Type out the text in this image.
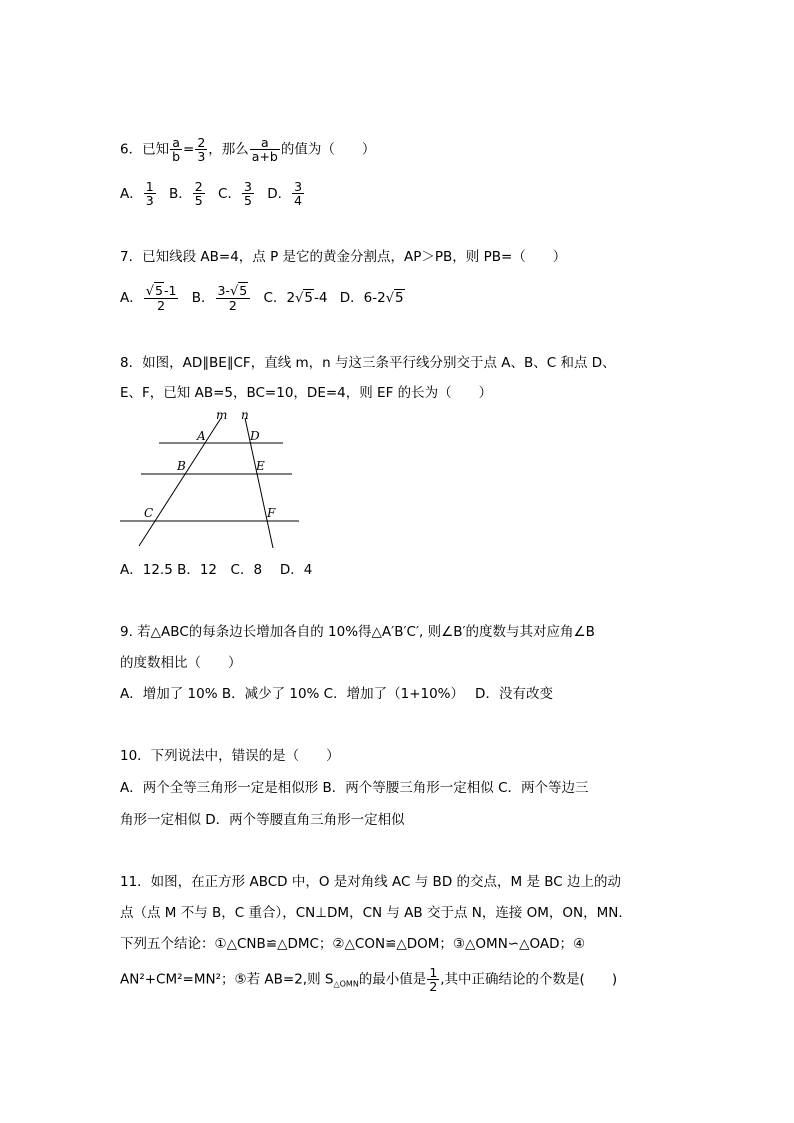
6．已知 $\frac{a}{b} = \frac{2}{3}$ ，那么 $\frac{a}{a+b}$ 的值为（　　）
A． $\frac{1}{3}$ B． $\frac{2}{5}$ C． $\frac{3}{5}$ D． $\frac{3}{4}$
7．已知线段 AB=4，点 P 是它的黄金分割点，AP＞PB，则 PB=（　　）
A． $\frac{√5-1}{2}$ B． $\frac{3-√5}{2}$ C．2√5-4 D．6-2√5
8．如图，AD∥BE∥CF，直线 m，n 与这三条平行线分别交于点 A、B、C 和点 D、
E、F，已知 AB=5，BC=10，DE=4，则 EF 的长为（　　）
m n
A	D
B	E
C	F
A．12.5 B．12　C．8　 D．4
9. 若△ABC的每条边长增加各自的 10%得△A′B′C′, 则∠B′的度数与其对应角∠B
的度数相比（　　）
A．增加了 10% B．减少了 10% C．增加了（1+10%）　 D．没有改变
10．下列说法中，错误的是（　　）
A．两个全等三角形一定是相似形 B．两个等腰三角形一定相似 C．两个等边三
角形一定相似 D．两个等腰直角三角形一定相似
11．如图，在正方形 ABCD 中，O 是对角线 AC 与 BD 的交点，M 是 BC 边上的动
点（点 M 不与 B，C 重合），CN⊥DM，CN 与 AB 交于点 N，连接 OM，ON，MN.
下列五个结论：①△CNB≌△DMC；②△CON≌△DOM；③△OMN∽△OAD；④
AN²+CM²=MN²；⑤若 AB=2,则 $S_{\triangle OMN}$的最小值是 $\frac{1}{2}$ ,其中正确结论的个数是(　　)
